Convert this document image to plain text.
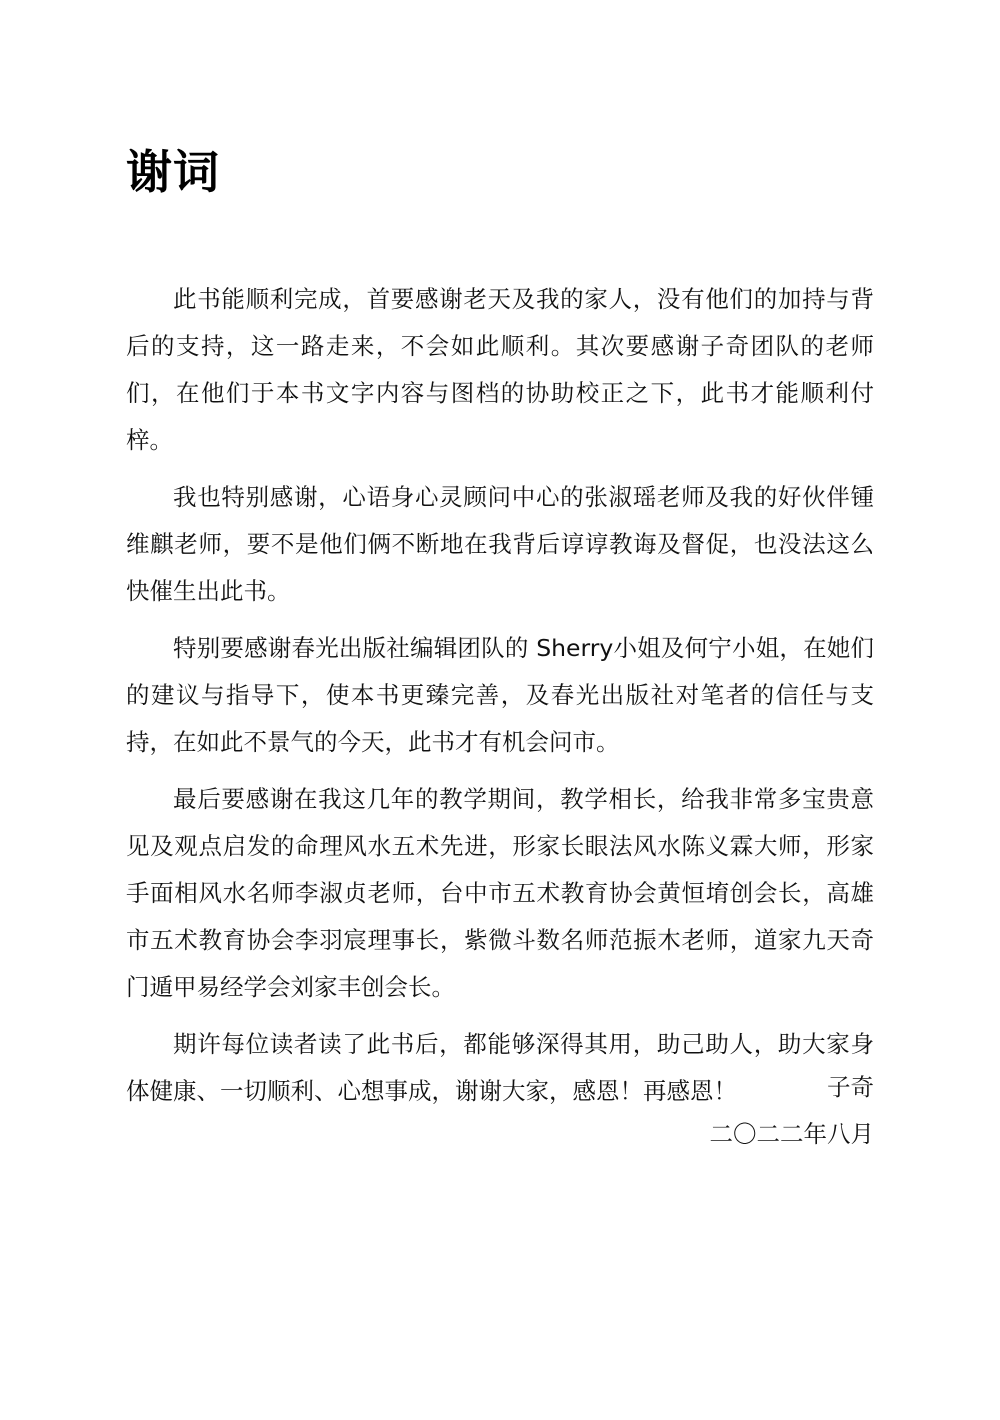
谢词

此书能顺利完成，首要感谢老天及我的家人，没有他们的加持与背后的支持，这一路走来，不会如此顺利。其次要感谢子奇团队的老师们，在他们于本书文字内容与图档的协助校正之下，此书才能顺利付梓。

我也特别感谢，心语身心灵顾问中心的张淑瑶老师及我的好伙伴锺维麒老师，要不是他们俩不断地在我背后谆谆教诲及督促，也没法这么快催生出此书。

特别要感谢春光出版社编辑团队的 Sherry小姐及何宁小姐，在她们的建议与指导下，使本书更臻完善，及春光出版社对笔者的信任与支持，在如此不景气的今天，此书才有机会问市。

最后要感谢在我这几年的教学期间，教学相长，给我非常多宝贵意见及观点启发的命理风水五术先进，形家长眼法风水陈义霖大师，形家手面相风水名师李淑贞老师，台中市五术教育协会黄恒堉创会长，高雄市五术教育协会李羽宸理事长，紫微斗数名师范振木老师，道家九天奇门遁甲易经学会刘家丰创会长。

期许每位读者读了此书后，都能够深得其用，助己助人，助大家身体健康、一切顺利、心想事成，谢谢大家，感恩！再感恩！	子奇
二〇二二年八月
